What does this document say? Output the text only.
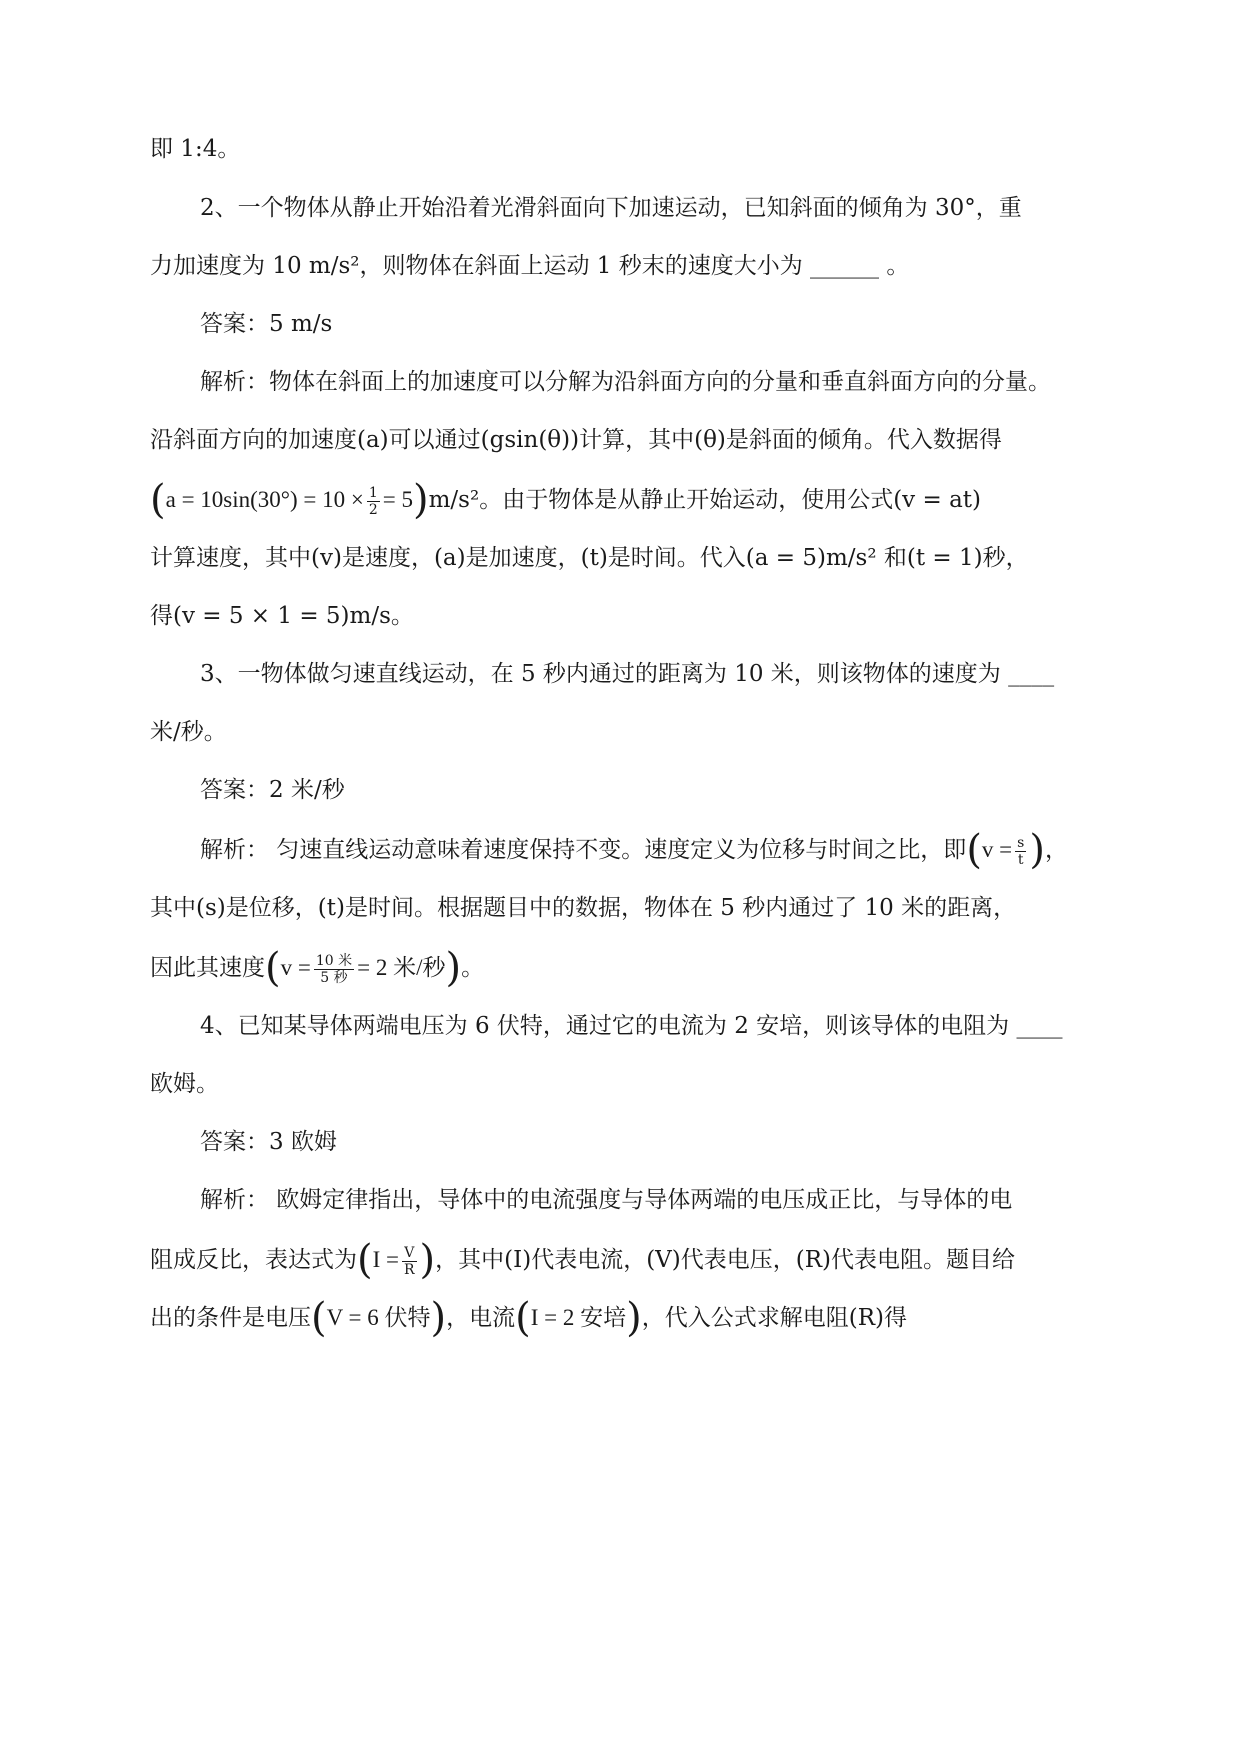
即 1:4。
2、一个物体从静止开始沿着光滑斜面向下加速运动，已知斜面的倾角为 30°，重
力加速度为 10 m/s²，则物体在斜面上运动 1 秒末的速度大小为 ______ 。
答案：5 m/s
解析：物体在斜面上的加速度可以分解为沿斜面方向的分量和垂直斜面方向的分量。
沿斜面方向的加速度(a)可以通过(gsin(θ))计算，其中(θ)是斜面的倾角。代入数据得
$(a = 10\sin(30^\circ) = 10 \times \frac{1}{2} = 5)m/s^2$。由于物体是从静止开始运动，使用公式(v = at)
计算速度，其中(v)是速度，(a)是加速度，(t)是时间。代入(a = 5)m/s² 和(t = 1)秒，
得(v = 5 × 1 = 5)m/s。
3、一物体做匀速直线运动，在 5 秒内通过的距离为 10 米，则该物体的速度为 ____
米/秒。
答案：2 米/秒
解析： 匀速直线运动意味着速度保持不变。速度定义为位移与时间之比，即($v = \frac{s}{t}$ )，
其中(s)是位移，(t)是时间。根据题目中的数据，物体在 5 秒内通过了 10 米的距离，
因此其速度($v = \frac{\text{10 米}}{\text{5 秒}} = 2$ 米/秒)。
4、已知某导体两端电压为 6 伏特，通过它的电流为 2 安培，则该导体的电阻为 ____
欧姆。
答案：3 欧姆
解析： 欧姆定律指出，导体中的电流强度与导体两端的电压成正比，与导体的电
阻成反比，表达式为($I = \frac{V}{R}$ )，其中(I)代表电流，(V)代表电压，(R)代表电阻。题目给
出的条件是电压(V = 6 伏特)，电流(I = 2 安培)，代入公式求解电阻(R)得
